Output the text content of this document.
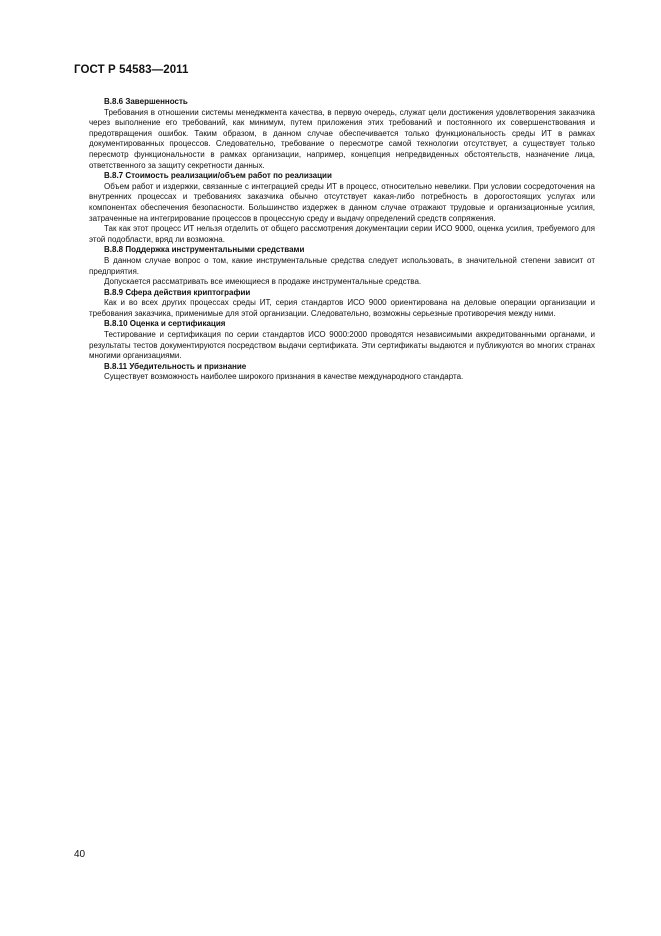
ГОСТ Р 54583—2011

B.8.6 Завершенность

Требования в отношении системы менеджмента качества, в первую очередь, служат цели достижения удовлетворения заказчика через выполнение его требований, как минимум, путем приложения этих требований и постоянного их совершенствования и предотвращения ошибок. Таким образом, в данном случае обеспечивается только функциональность среды ИТ в рамках документированных процессов. Следовательно, требование о пересмотре самой технологии отсутствует, а существует только пересмотр функциональности в рамках организации, например, концепция непредвиденных обстоятельств, назначение лица, ответственного за защиту секретности данных.

B.8.7 Стоимость реализации/объем работ по реализации

Объем работ и издержки, связанные с интеграцией среды ИТ в процесс, относительно невелики. При условии сосредоточения на внутренних процессах и требованиях заказчика обычно отсутствует какая-либо потребность в дорогостоящих услугах или компонентах обеспечения безопасности. Большинство издержек в данном случае отражают трудовые и организационные усилия, затраченные на интегрирование процессов в процессную среду и выдачу определений средств сопряжения.

Так как этот процесс ИТ нельзя отделить от общего рассмотрения документации серии ИСО 9000, оценка усилия, требуемого для этой подобласти, вряд ли возможна.

B.8.8 Поддержка инструментальными средствами

В данном случае вопрос о том, какие инструментальные средства следует использовать, в значительной степени зависит от предприятия.

Допускается рассматривать все имеющиеся в продаже инструментальные средства.

B.8.9 Сфера действия криптографии

Как и во всех других процессах среды ИТ, серия стандартов ИСО 9000 ориентирована на деловые операции организации и требования заказчика, применимые для этой организации. Следовательно, возможны серьезные противоречия между ними.

B.8.10 Оценка и сертификация

Тестирование и сертификация по серии стандартов ИСО 9000:2000 проводятся независимыми аккредитованными органами, и результаты тестов документируются посредством выдачи сертификата. Эти сертификаты выдаются и публикуются во многих странах многими организациями.

B.8.11 Убедительность и признание

Существует возможность наиболее широкого признания в качестве международного стандарта.

40
